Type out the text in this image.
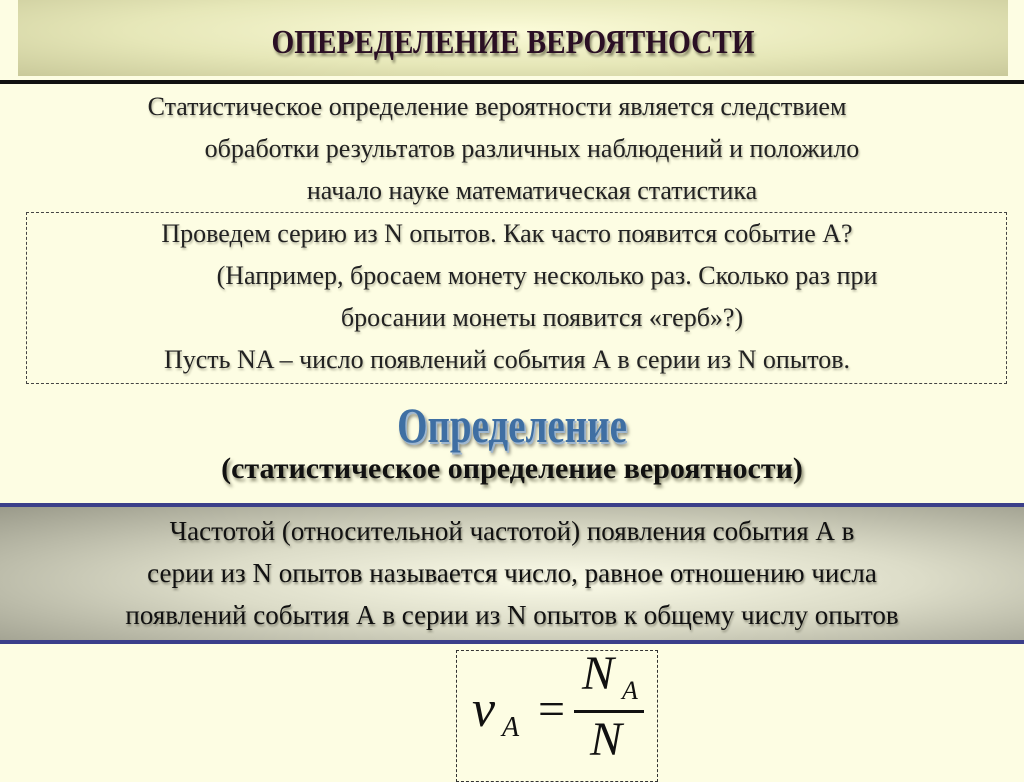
ОПЕРЕДЕЛЕНИЕ ВЕРОЯТНОСТИ
Статистическое определение вероятности является следствием
обработки результатов различных наблюдений и положило
начало науке математическая статистика
Проведем серию из N опытов. Как часто появится событие А?
(Например, бросаем монету несколько раз. Сколько раз при
бросании монеты появится «герб»?)
Пусть NA – число появлений события А в серии из N опытов.
Определение
(статистическое определение вероятности)
Частотой (относительной частотой) появления события А в
серии из N опытов называется число, равное отношению числа
появлений события А в серии из N опытов к общему числу опытов
ν A =
N A
N
